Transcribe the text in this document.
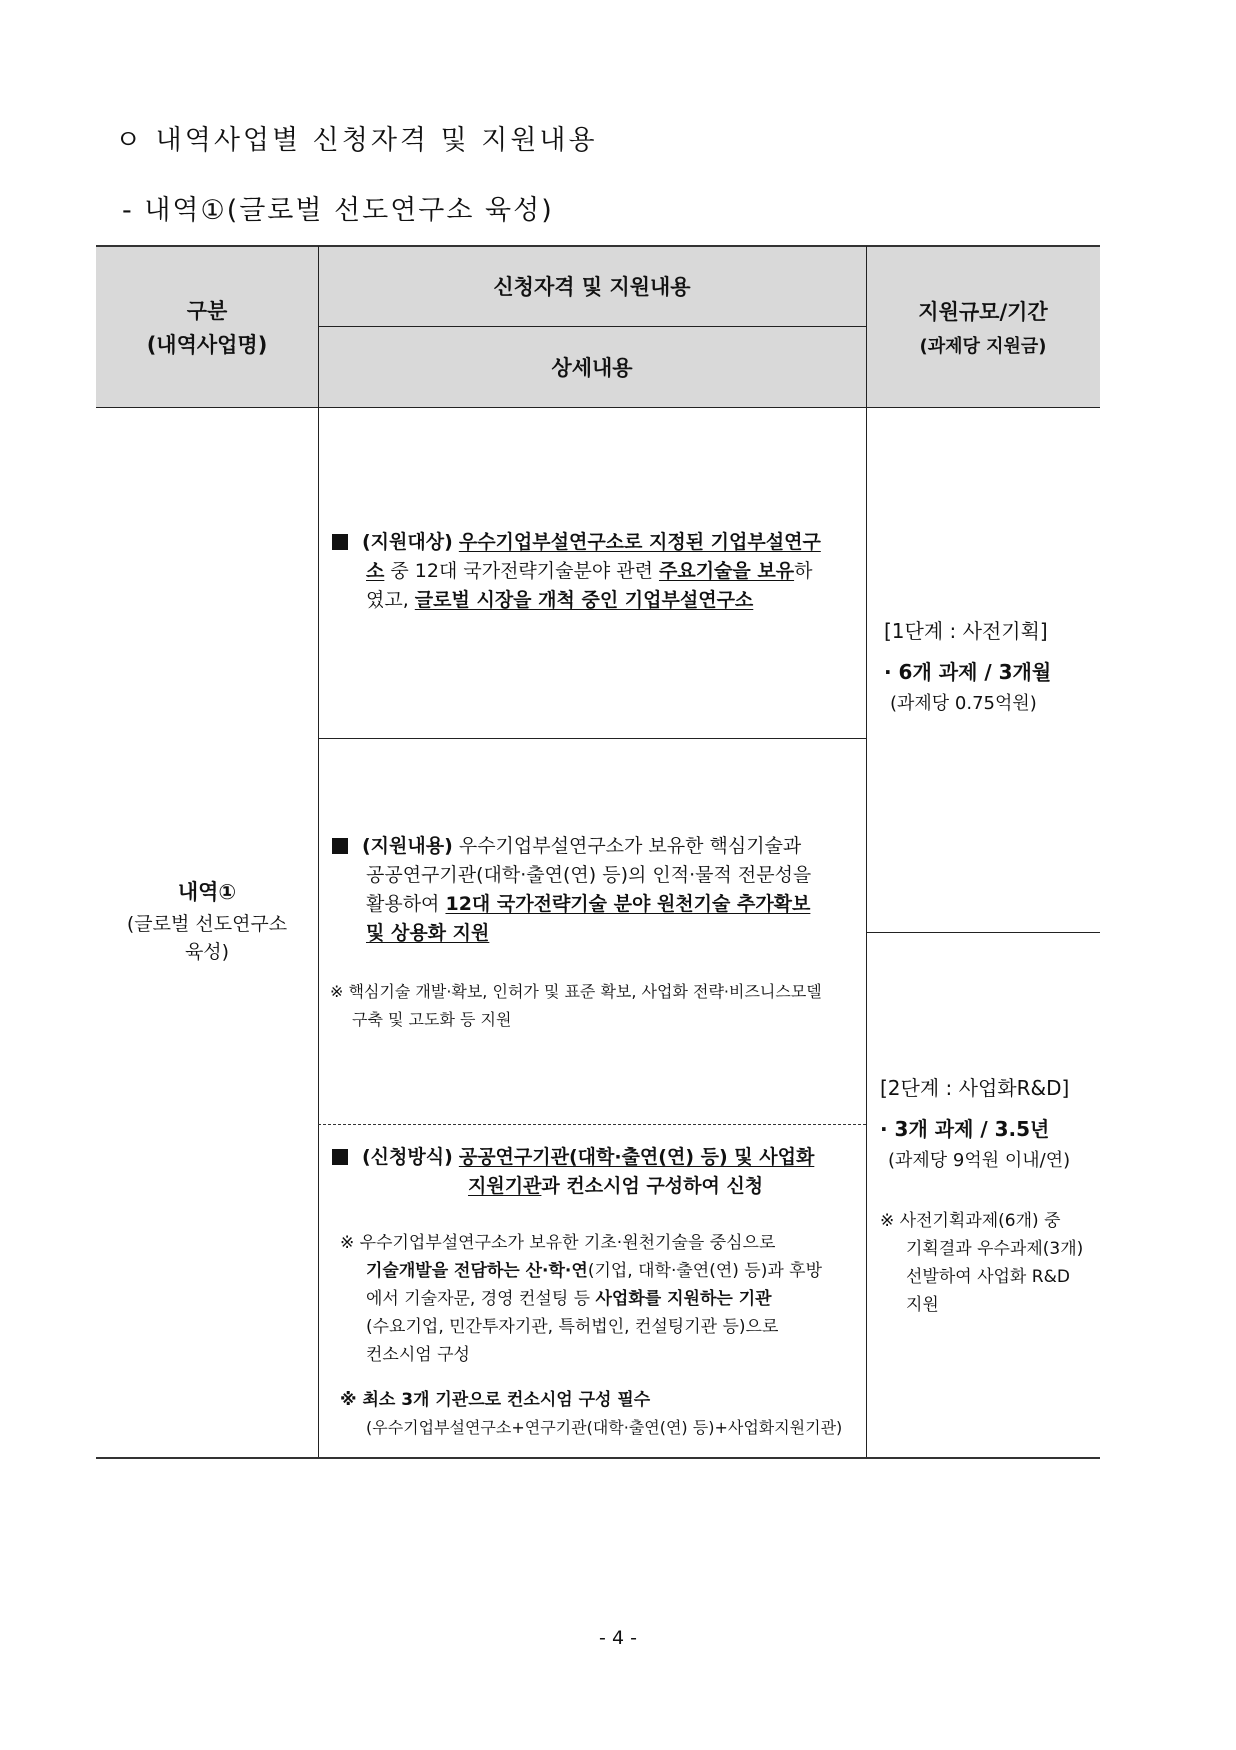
ㅇ 내역사업별 신청자격 및 지원내용
- 내역①(글로벌 선도연구소 육성)
구분
(내역사업명)
신청자격 및 지원내용
상세내용
지원규모/기간
(과제당 지원금)
내역①
(글로벌 선도연구소
육성)
(지원대상) 우수기업부설연구소로 지정된 기업부설연구
소 중 12대 국가전략기술분야 관련 주요기술을 보유하
였고, 글로벌 시장을 개척 중인 기업부설연구소
(지원내용) 우수기업부설연구소가 보유한 핵심기술과
공공연구기관(대학·출연(연) 등)의 인적·물적 전문성을
활용하여 12대 국가전략기술 분야 원천기술 추가확보
및 상용화 지원
※ 핵심기술 개발·확보, 인허가 및 표준 확보, 사업화 전략·비즈니스모델
구축 및 고도화 등 지원
(신청방식) 공공연구기관(대학·출연(연) 등) 및 사업화
지원기관과 컨소시엄 구성하여 신청
※ 우수기업부설연구소가 보유한 기초·원천기술을 중심으로
기술개발을 전담하는 산·학·연(기업, 대학·출연(연) 등)과 후방
에서 기술자문, 경영 컨설팅 등 사업화를 지원하는 기관
(수요기업, 민간투자기관, 특허법인, 컨설팅기관 등)으로
컨소시엄 구성
※ 최소 3개 기관으로 컨소시엄 구성 필수
(우수기업부설연구소+연구기관(대학·출연(연) 등)+사업화지원기관)
[1단계 : 사전기획]
· 6개 과제 / 3개월
(과제당 0.75억원)
[2단계 : 사업화R&D]
· 3개 과제 / 3.5년
(과제당 9억원 이내/연)
※ 사전기획과제(6개) 중
기획결과 우수과제(3개)
선발하여 사업화 R&D
지원
- 4 -
